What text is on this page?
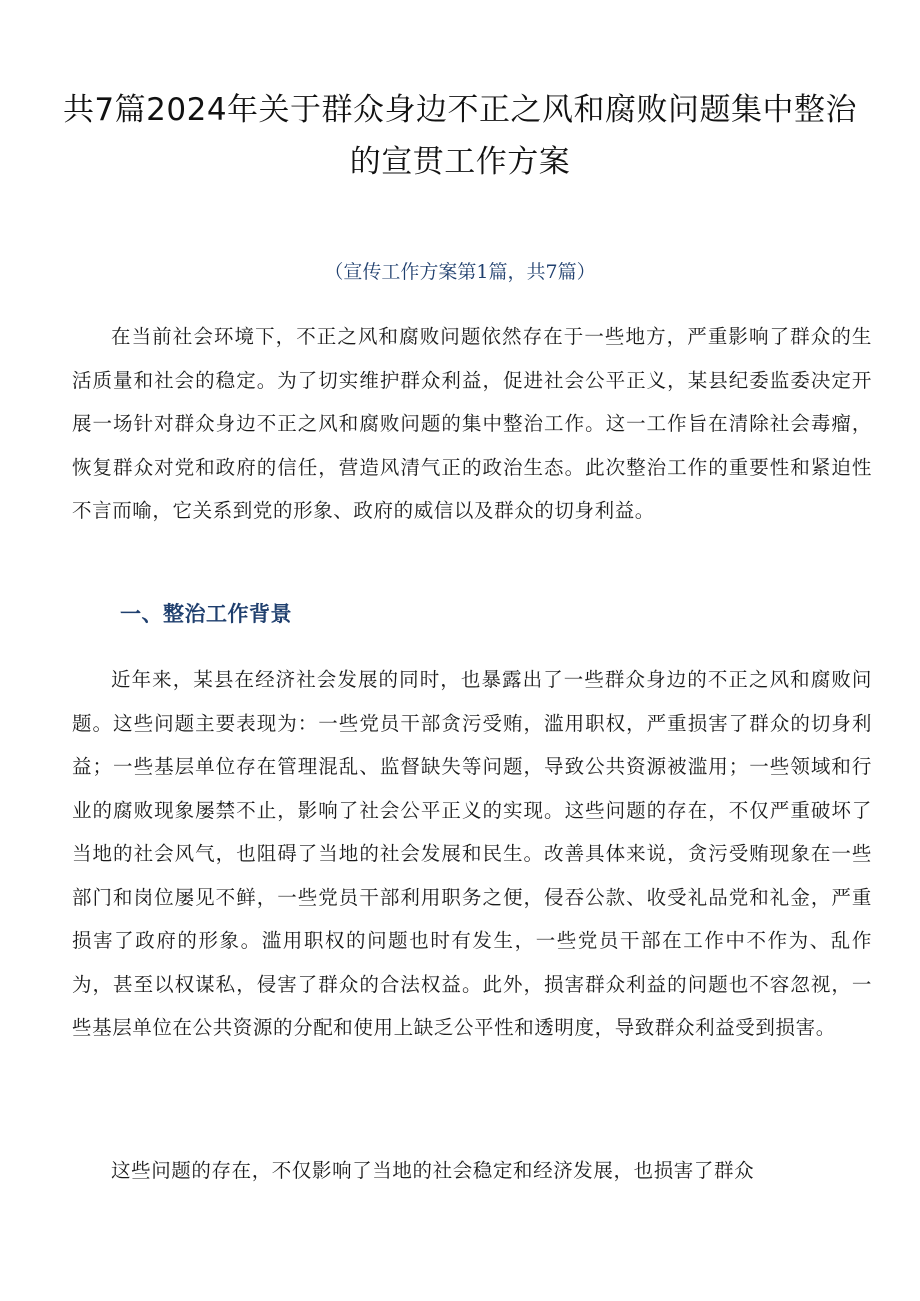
共7篇2024年关于群众身边不正之风和腐败问题集中整治的宣贯工作方案

（宣传工作方案第1篇，共7篇）

在当前社会环境下，不正之风和腐败问题依然存在于一些地方，严重影响了群众的生活质量和社会的稳定。为了切实维护群众利益，促进社会公平正义，某县纪委监委决定开展一场针对群众身边不正之风和腐败问题的集中整治工作。这一工作旨在清除社会毒瘤，恢复群众对党和政府的信任，营造风清气正的政治生态。此次整治工作的重要性和紧迫性不言而喻，它关系到党的形象、政府的威信以及群众的切身利益。

一、整治工作背景

近年来，某县在经济社会发展的同时，也暴露出了一些群众身边的不正之风和腐败问题。这些问题主要表现为：一些党员干部贪污受贿，滥用职权，严重损害了群众的切身利益；一些基层单位存在管理混乱、监督缺失等问题，导致公共资源被滥用；一些领域和行业的腐败现象屡禁不止，影响了社会公平正义的实现。这些问题的存在，不仅严重破坏了当地的社会风气，也阻碍了当地的社会发展和民生。改善具体来说，贪污受贿现象在一些部门和岗位屡见不鲜，一些党员干部利用职务之便，侵吞公款、收受礼品党和礼金，严重损害了政府的形象。滥用职权的问题也时有发生，一些党员干部在工作中不作为、乱作为，甚至以权谋私，侵害了群众的合法权益。此外，损害群众利益的问题也不容忽视，一些基层单位在公共资源的分配和使用上缺乏公平性和透明度，导致群众利益受到损害。

这些问题的存在，不仅影响了当地的社会稳定和经济发展，也损害了群众
